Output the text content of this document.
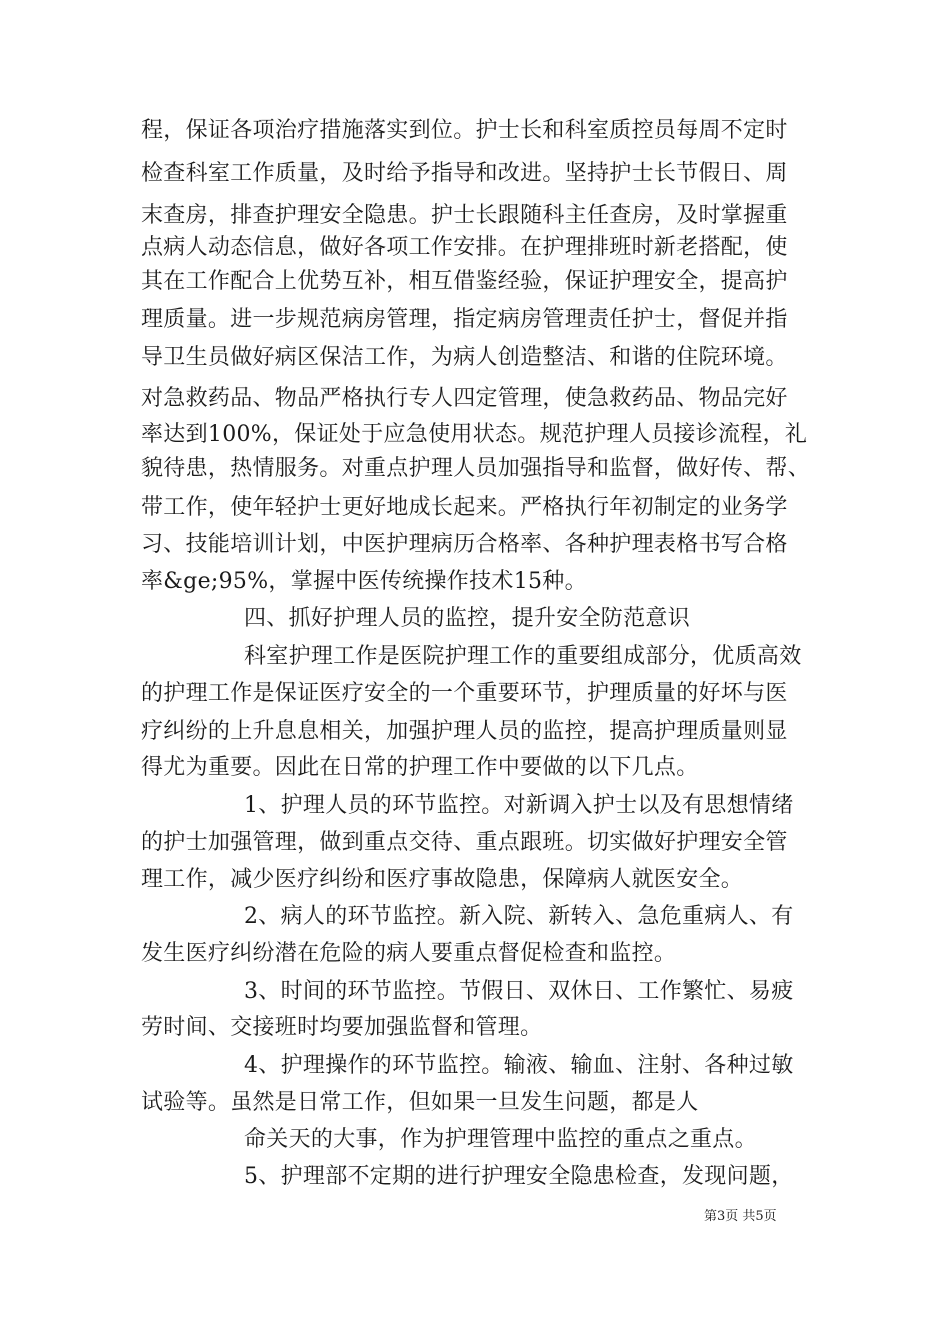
程，保证各项治疗措施落实到位。护士长和科室质控员每周不定时
检查科室工作质量，及时给予指导和改进。坚持护士长节假日、周
末查房，排查护理安全隐患。护士长跟随科主任查房，及时掌握重
点病人动态信息，做好各项工作安排。在护理排班时新老搭配，使
其在工作配合上优势互补，相互借鉴经验，保证护理安全，提高护
理质量。进一步规范病房管理，指定病房管理责任护士，督促并指
导卫生员做好病区保洁工作，为病人创造整洁、和谐的住院环境。
对急救药品、物品严格执行专人四定管理，使急救药品、物品完好
率达到100%，保证处于应急使用状态。规范护理人员接诊流程，礼
貌待患，热情服务。对重点护理人员加强指导和监督，做好传、帮、
带工作，使年轻护士更好地成长起来。严格执行年初制定的业务学
习、技能培训计划，中医护理病历合格率、各种护理表格书写合格
率&ge;95%，掌握中医传统操作技术15种。
四、抓好护理人员的监控，提升安全防范意识
科室护理工作是医院护理工作的重要组成部分，优质高效
的护理工作是保证医疗安全的一个重要环节，护理质量的好坏与医
疗纠纷的上升息息相关，加强护理人员的监控，提高护理质量则显
得尤为重要。因此在日常的护理工作中要做的以下几点。
1、护理人员的环节监控。对新调入护士以及有思想情绪
的护士加强管理，做到重点交待、重点跟班。切实做好护理安全管
理工作，减少医疗纠纷和医疗事故隐患，保障病人就医安全。
2、病人的环节监控。新入院、新转入、急危重病人、有
发生医疗纠纷潜在危险的病人要重点督促检查和监控。
3、时间的环节监控。节假日、双休日、工作繁忙、易疲
劳时间、交接班时均要加强监督和管理。
4、护理操作的环节监控。输液、输血、注射、各种过敏
试验等。虽然是日常工作，但如果一旦发生问题，都是人
命关天的大事，作为护理管理中监控的重点之重点。
5、护理部不定期的进行护理安全隐患检查，发现问题，
第3页 共5页
